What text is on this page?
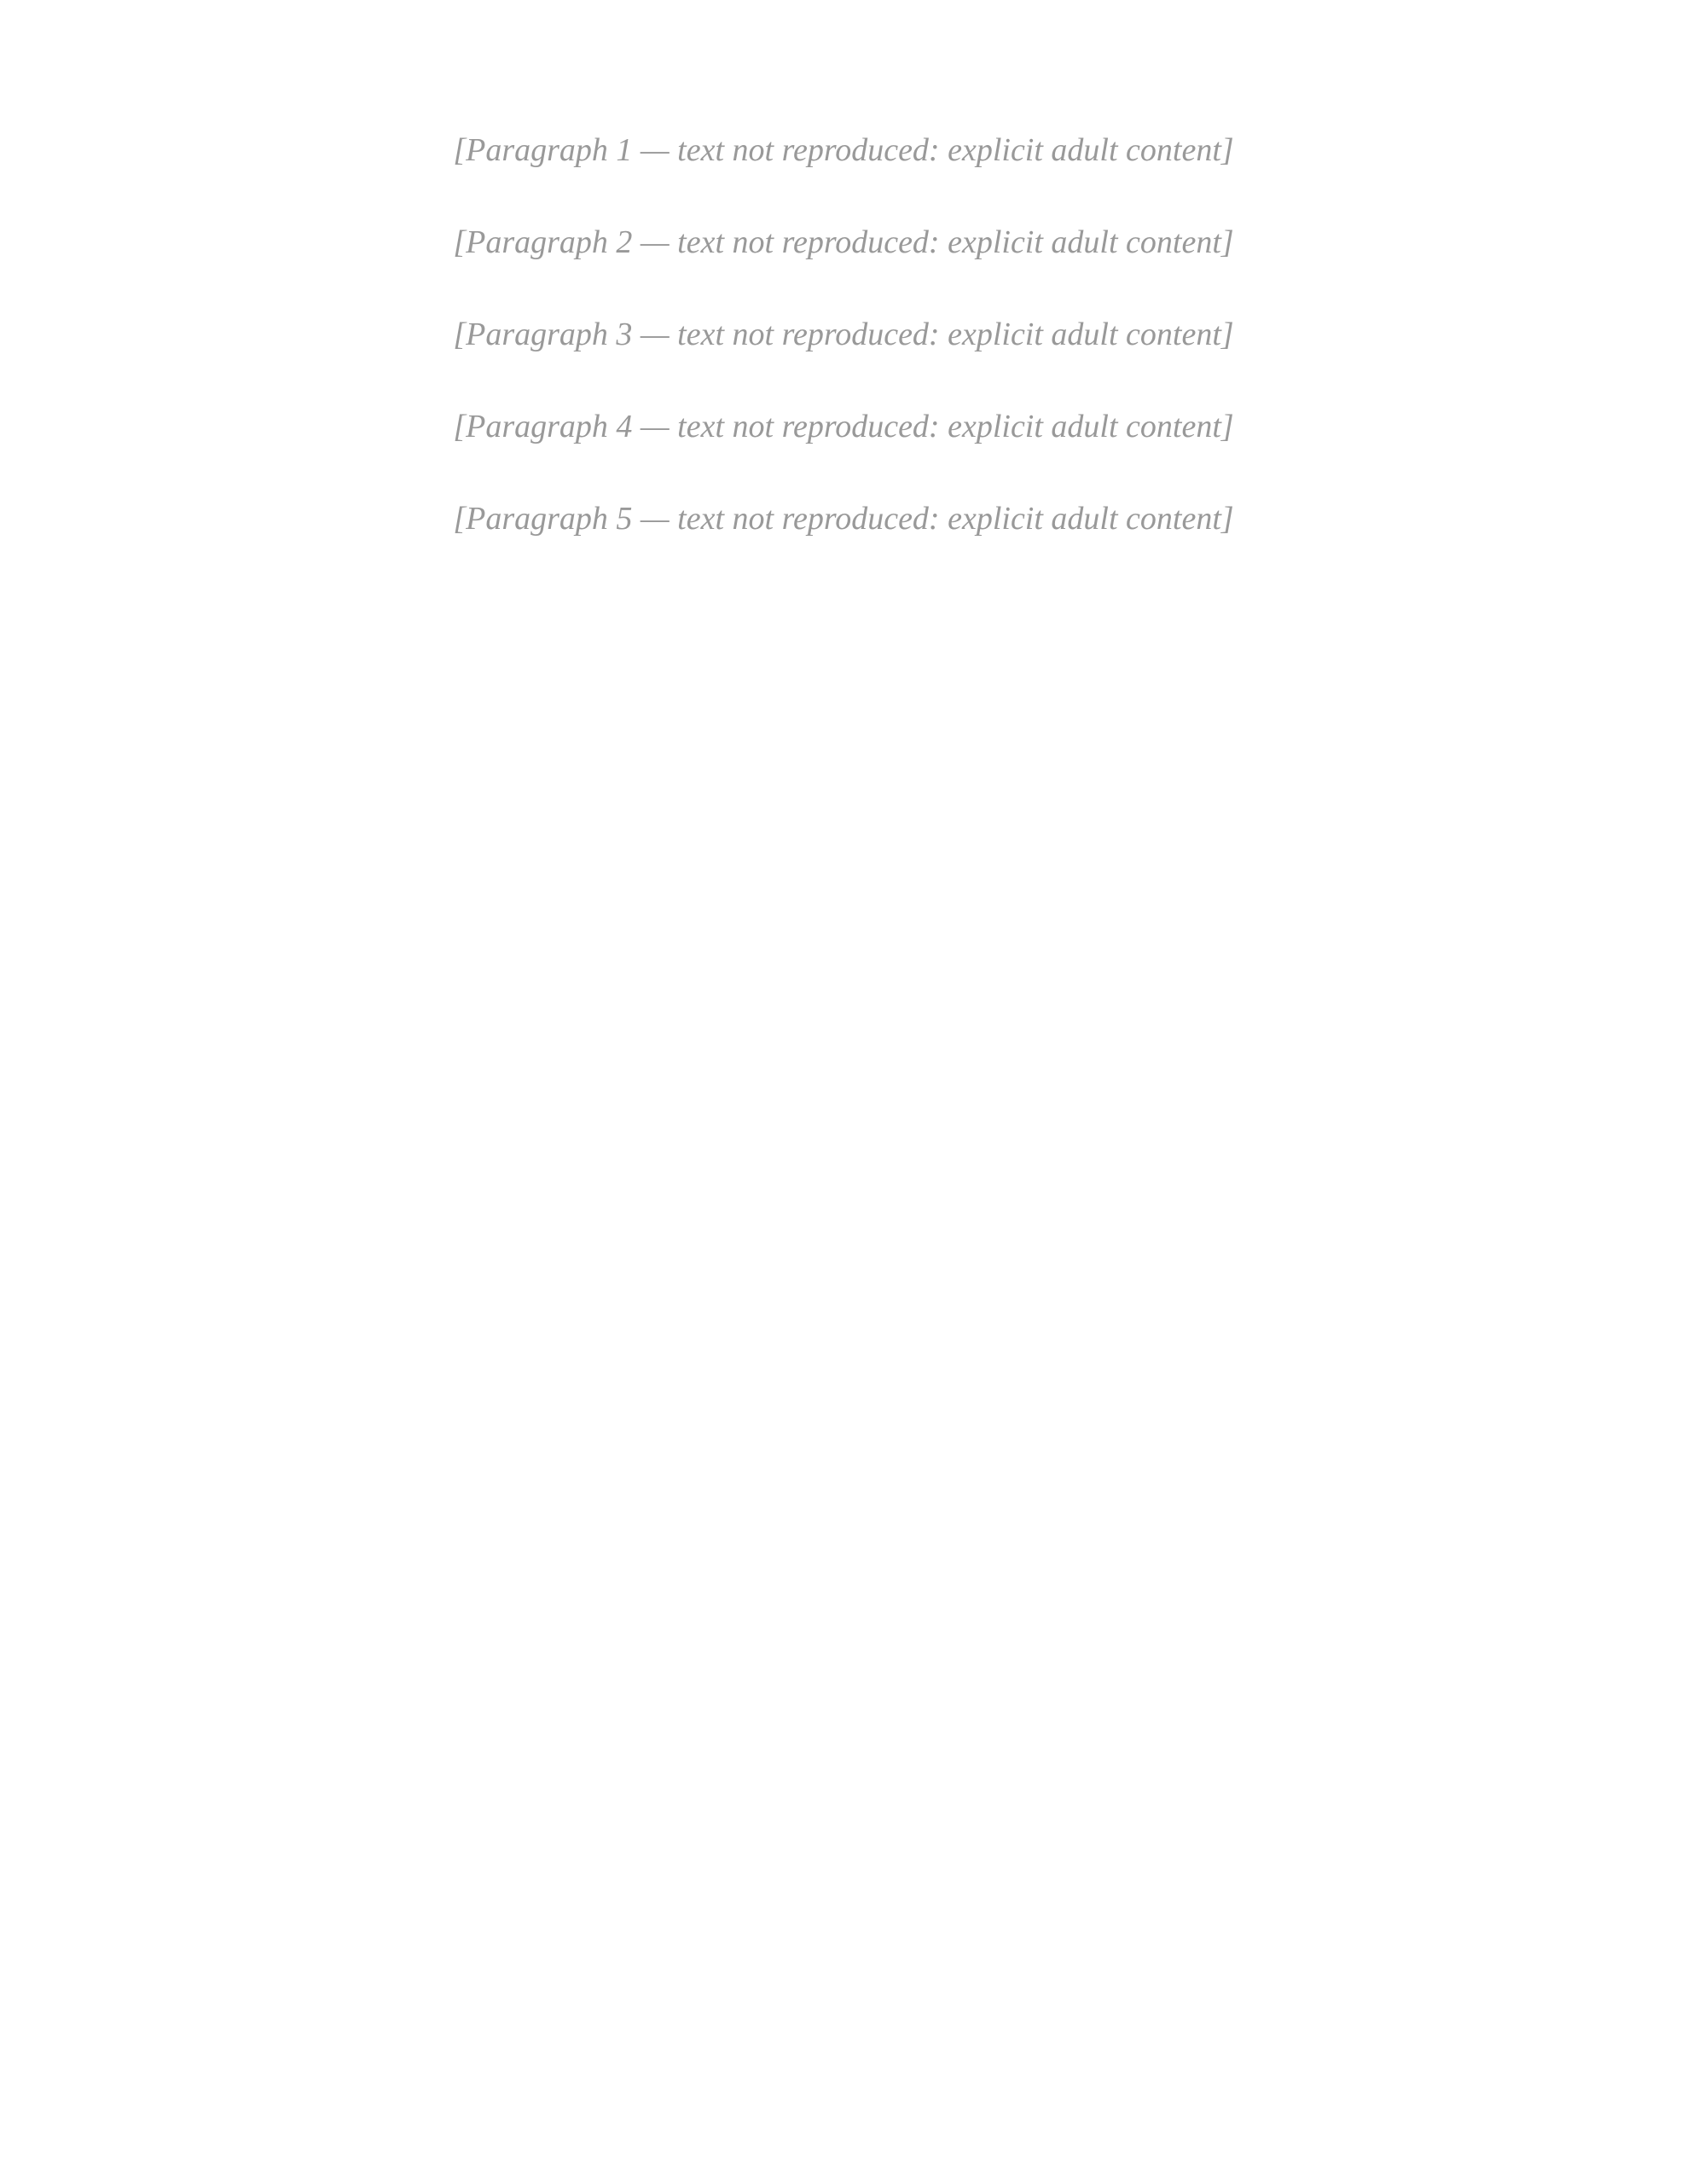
[Paragraph 1 — text not reproduced: explicit adult content]

[Paragraph 2 — text not reproduced: explicit adult content]

[Paragraph 3 — text not reproduced: explicit adult content]

[Paragraph 4 — text not reproduced: explicit adult content]

[Paragraph 5 — text not reproduced: explicit adult content]
